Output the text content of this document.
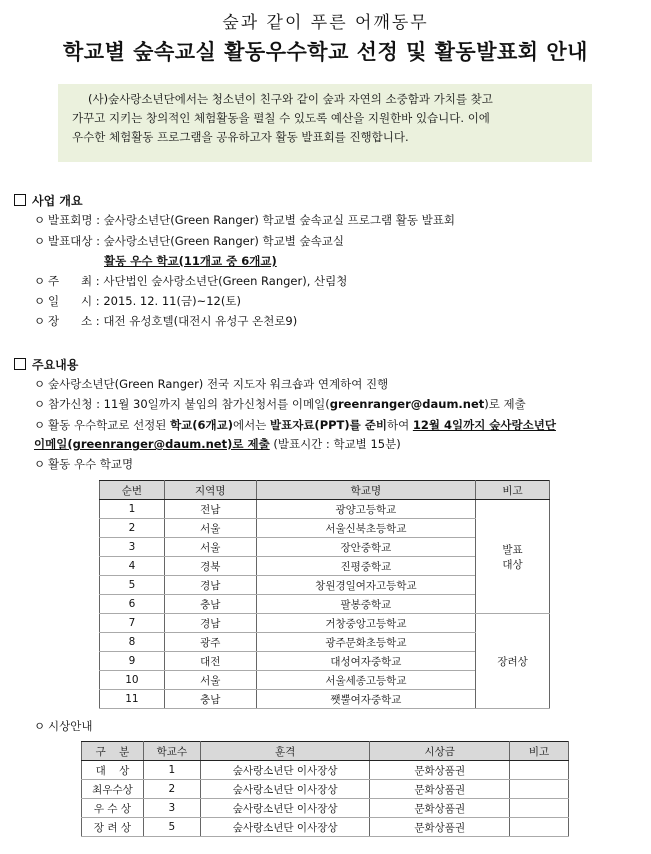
숲과 같이 푸른 어깨동무
학교별 숲속교실 활동우수학교 선정 및 활동발표회 안내
(사)숲사랑소년단에서는 청소년이 친구와 같이 숲과 자연의 소중함과 가치를 찾고
가꾸고 지키는 창의적인 체험활동을 펼칠 수 있도록 예산을 지원한바 있습니다. 이에
우수한 체험활동 프로그램을 공유하고자 활동 발표회를 진행합니다.
사업 개요
ㅇ 발표회명 : 숲사랑소년단(Green Ranger) 학교별 숲속교실 프로그램 활동 발표회
ㅇ 발표대상 : 숲사랑소년단(Green Ranger) 학교별 숲속교실
활동 우수 학교(11개교 중 6개교)
ㅇ 주      최 : 사단법인 숲사랑소년단(Green Ranger), 산림청
ㅇ 일      시 : 2015. 12. 11(금)~12(토)
ㅇ 장      소 : 대전 유성호텔(대전시 유성구 온천로9)
주요내용
ㅇ 숲사랑소년단(Green Ranger) 전국 지도자 워크숍과 연계하여 진행
ㅇ 참가신청 : 11월 30일까지 붙임의 참가신청서를 이메일(greenranger@daum.net)로 제출
ㅇ 활동 우수학교로 선정된 학교(6개교)에서는 발표자료(PPT)를 준비하여 12월 4일까지 숲사랑소년단
이메일(greenranger@daum.net)로 제출 (발표시간 : 학교별 15분)
ㅇ 활동 우수 학교명
순번	지역명	학교명	비고
1	전남	광양고등학교	발표
대상
2	서울	서울신북초등학교	
3	서울	장안중학교	
4	경북	진평중학교	
5	경남	창원경일여자고등학교	
6	충남	팔봉중학교	
7	경남	거창중앙고등학교	장려상
8	광주	광주문화초등학교	
9	대전	대성여자중학교	
10	서울	서울세종고등학교	
11	충남	쨋뿔여자중학교	
ㅇ 시상안내
구    분	학교수	훈격	시상금	비고
대    상	1	숲사랑소년단 이사장상	문화상품권	
최우수상	2	숲사랑소년단 이사장상	문화상품권	
우 수 상	3	숲사랑소년단 이사장상	문화상품권	
장 려 상	5	숲사랑소년단 이사장상	문화상품권	
